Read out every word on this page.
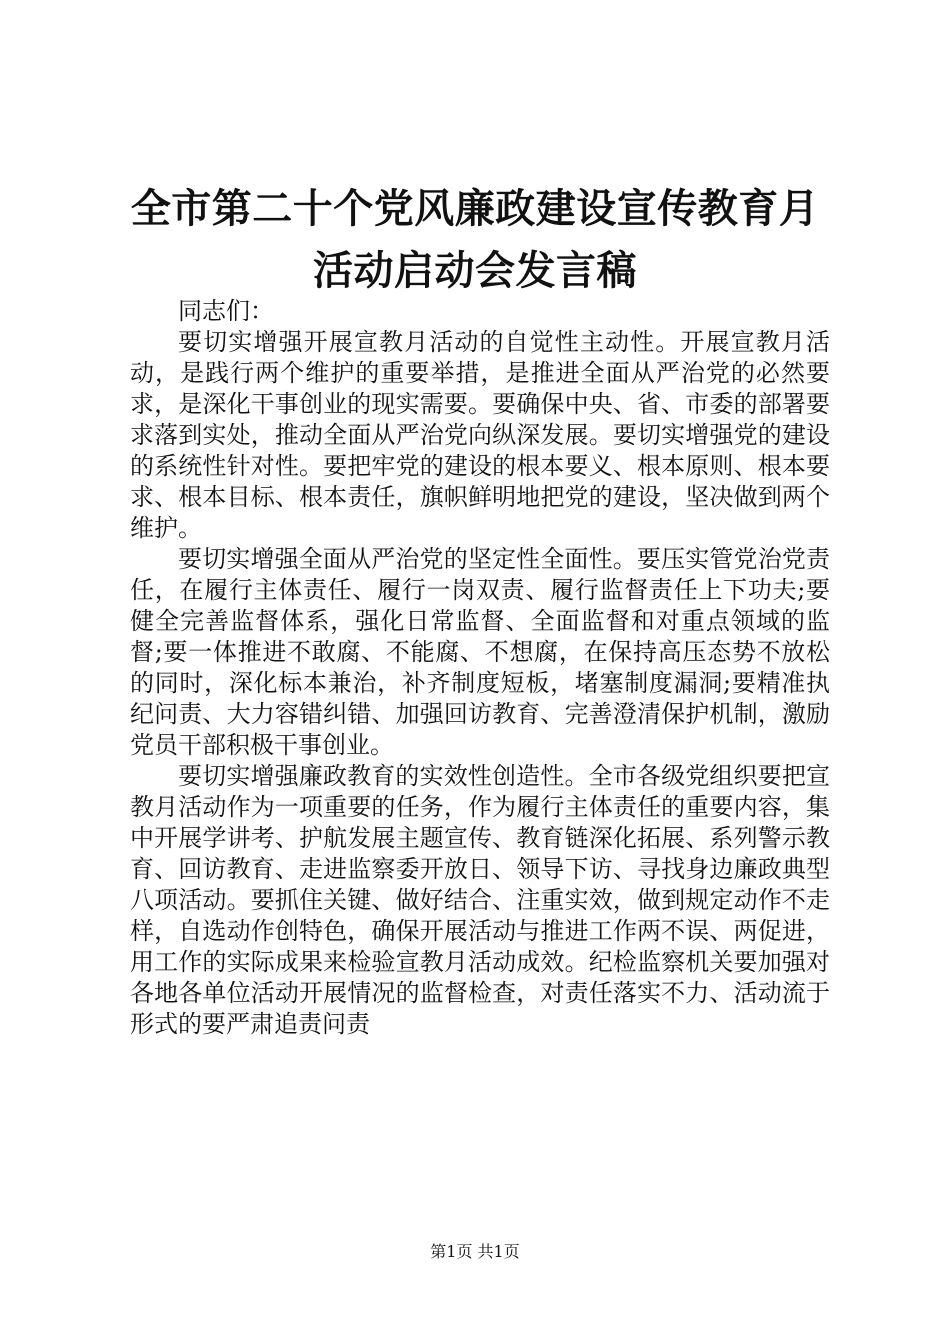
全市第二十个党风廉政建设宣传教育月活动启动会发言稿

同志们：

要切实增强开展宣教月活动的自觉性主动性。开展宣教月活动，是践行两个维护的重要举措，是推进全面从严治党的必然要求，是深化干事创业的现实需要。要确保中央、省、市委的部署要求落到实处，推动全面从严治党向纵深发展。要切实增强党的建设的系统性针对性。要把牢党的建设的根本要义、根本原则、根本要求、根本目标、根本责任，旗帜鲜明地把党的建设，坚决做到两个维护。

要切实增强全面从严治党的坚定性全面性。要压实管党治党责任，在履行主体责任、履行一岗双责、履行监督责任上下功夫;要健全完善监督体系，强化日常监督、全面监督和对重点领域的监督;要一体推进不敢腐、不能腐、不想腐，在保持高压态势不放松的同时，深化标本兼治，补齐制度短板，堵塞制度漏洞;要精准执纪问责、大力容错纠错、加强回访教育、完善澄清保护机制，激励党员干部积极干事创业。

要切实增强廉政教育的实效性创造性。全市各级党组织要把宣教月活动作为一项重要的任务，作为履行主体责任的重要内容，集中开展学讲考、护航发展主题宣传、教育链深化拓展、系列警示教育、回访教育、走进监察委开放日、领导下访、寻找身边廉政典型八项活动。要抓住关键、做好结合、注重实效，做到规定动作不走样，自选动作创特色，确保开展活动与推进工作两不误、两促进，用工作的实际成果来检验宣教月活动成效。纪检监察机关要加强对各地各单位活动开展情况的监督检查，对责任落实不力、活动流于形式的要严肃追责问责

第1页 共1页
